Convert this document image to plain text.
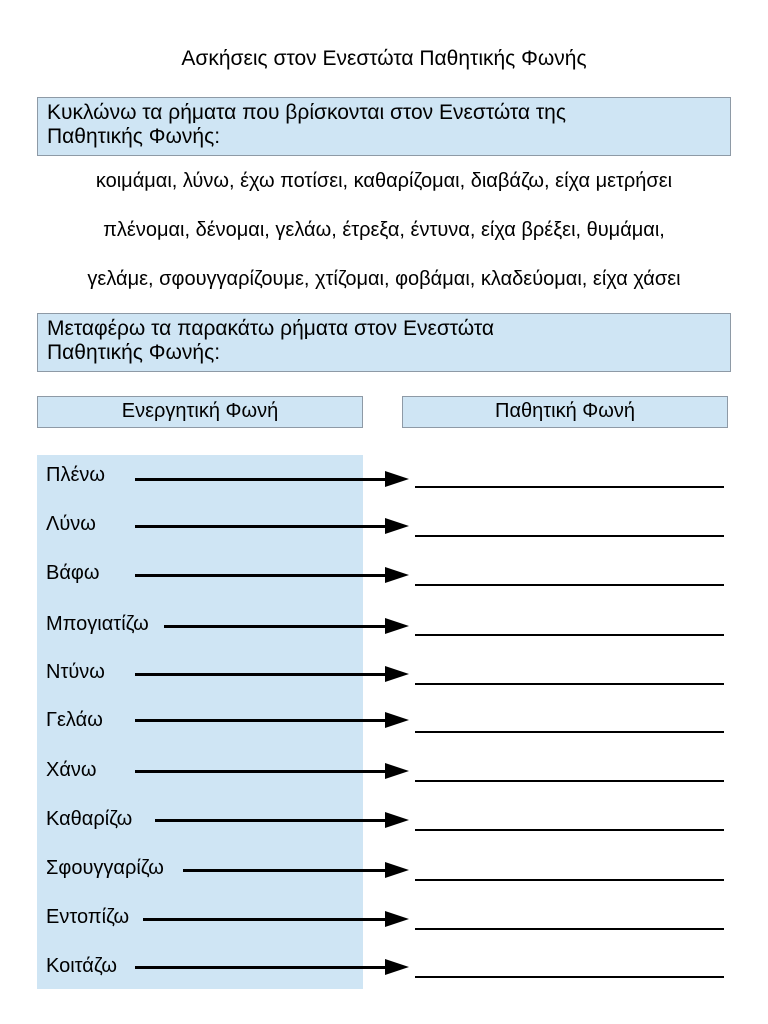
Ασκήσεις στον Ενεστώτα Παθητικής Φωνής
Κυκλώνω τα ρήματα που βρίσκονται στον Ενεστώτα της
Παθητικής Φωνής:
κοιμάμαι, λύνω, έχω ποτίσει, καθαρίζομαι, διαβάζω, είχα μετρήσει
πλένομαι, δένομαι, γελάω, έτρεξα, έντυνα, είχα βρέξει, θυμάμαι,
γελάμε, σφουγγαρίζουμε, χτίζομαι, φοβάμαι, κλαδεύομαι, είχα χάσει
Μεταφέρω τα παρακάτω ρήματα στον Ενεστώτα
Παθητικής Φωνής:
Ενεργητική Φωνή	Παθητική Φωνή
Πλένω
Λύνω
Βάφω
Μπογιατίζω
Ντύνω
Γελάω
Χάνω
Καθαρίζω
Σφουγγαρίζω
Εντοπίζω
Κοιτάζω
